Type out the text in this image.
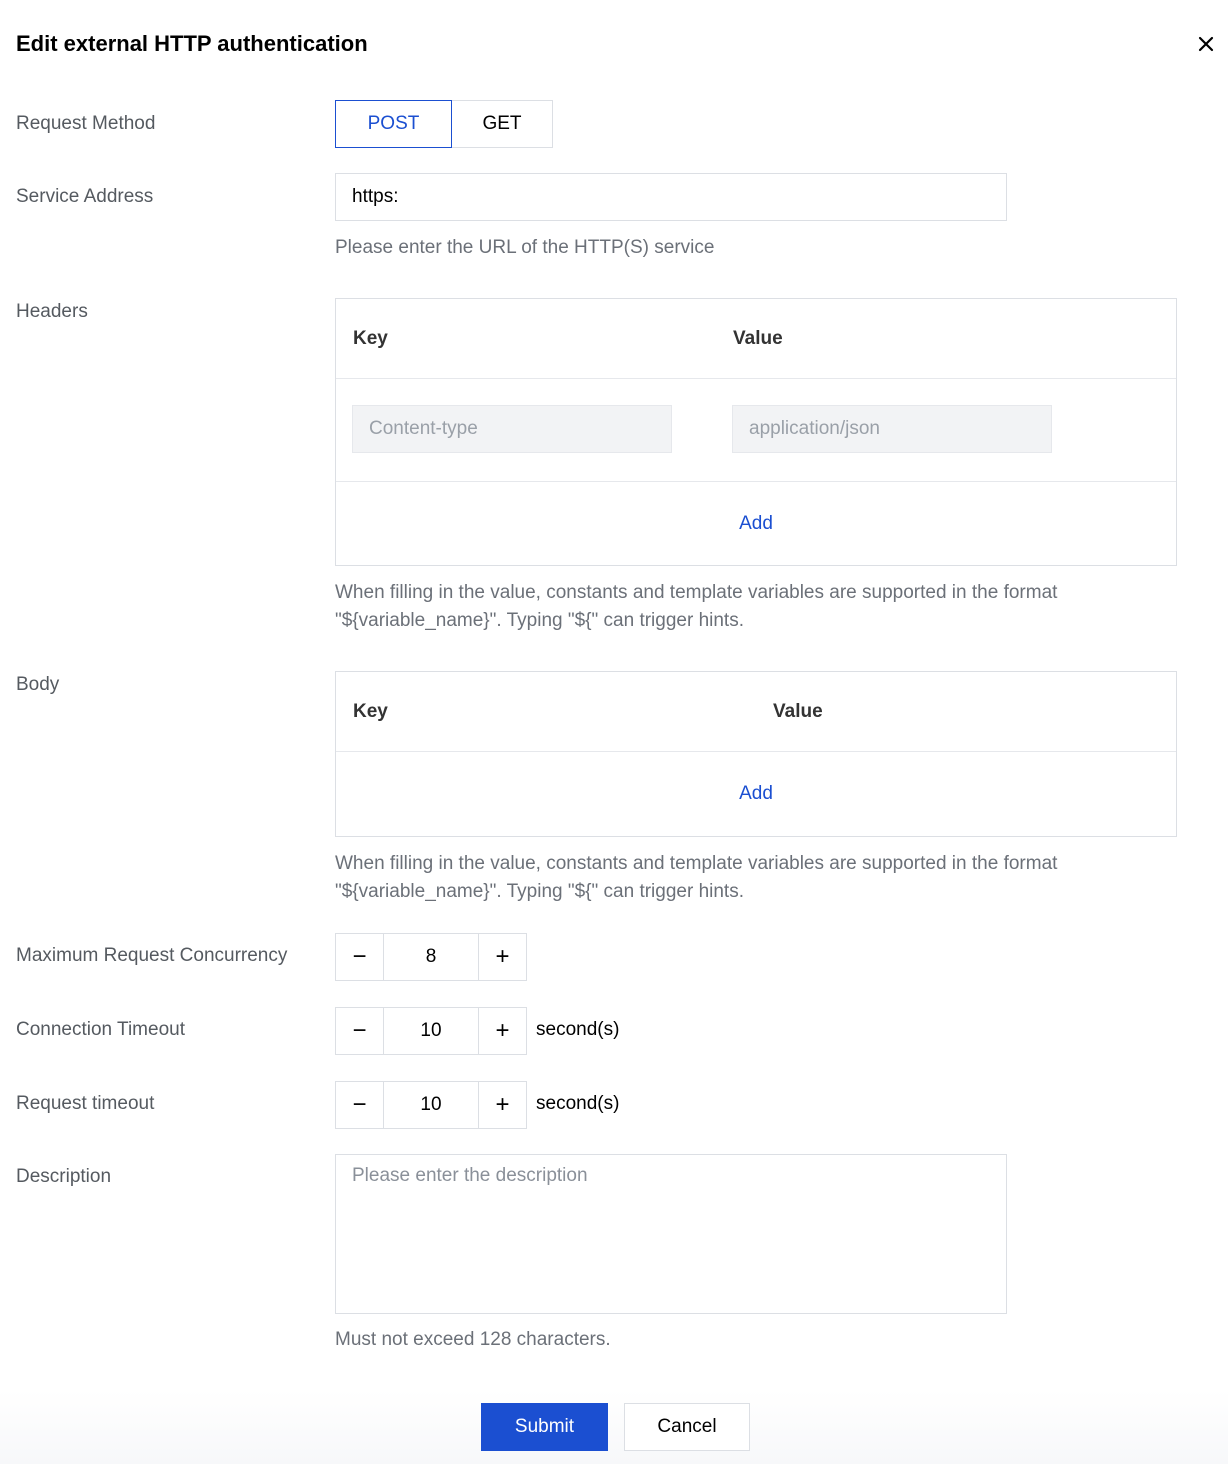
Edit external HTTP authentication
Request Method	POST	GET
Service Address	https:
Please enter the URL of the HTTP(S) service
Headers
Key	Value
Content-type	application/json
Add
When filling in the value, constants and template variables are supported in the format
"${variable_name}". Typing "${" can trigger hints.
Body
Key	Value
Add
When filling in the value, constants and template variables are supported in the format
"${variable_name}". Typing "${" can trigger hints.
Maximum Request Concurrency	−	8	+
Connection Timeout	−	10	+	second(s)
Request timeout	−	10	+	second(s)
Description	Please enter the description
Must not exceed 128 characters.
Submit	Cancel
